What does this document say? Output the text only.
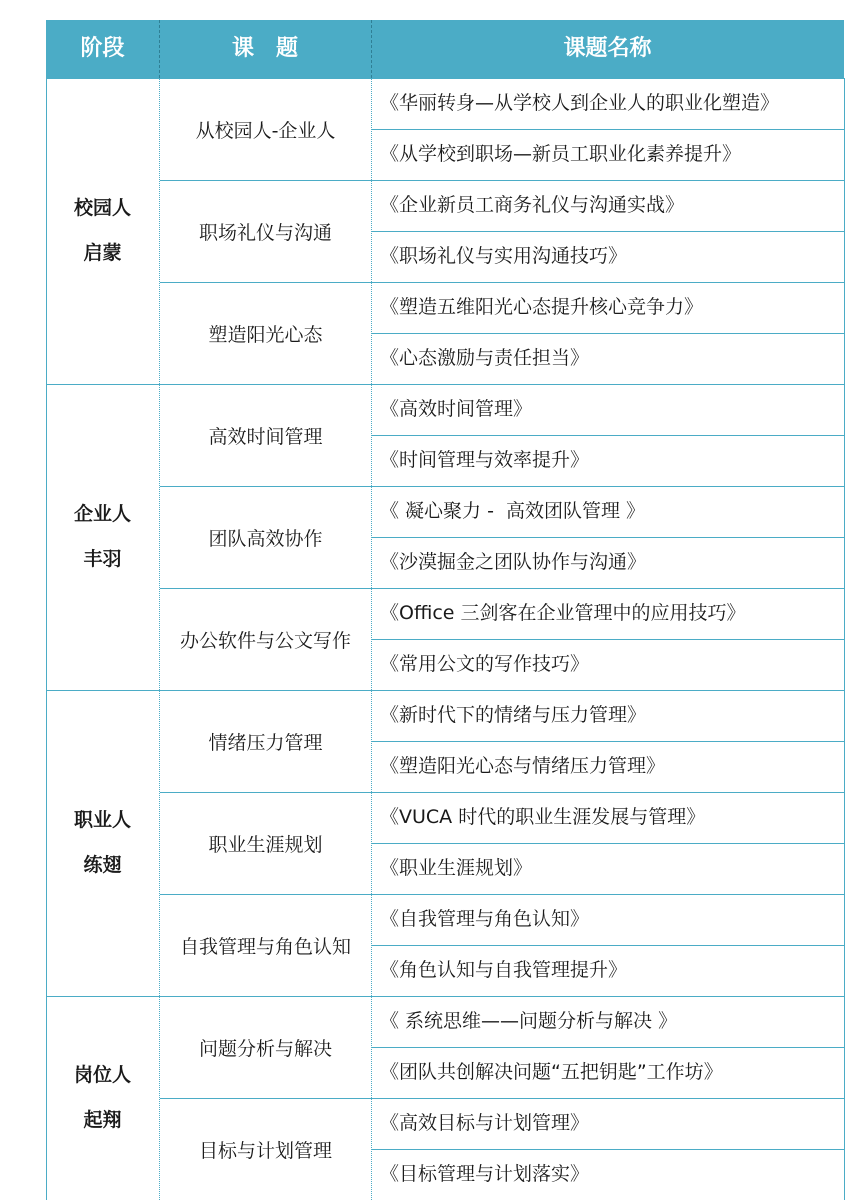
阶段	课　题	课题名称
从校园人-企业人
《华丽转身—从学校人到企业人的职业化塑造》
《从学校到职场—新员工职业化素养提升》
职场礼仪与沟通
《企业新员工商务礼仪与沟通实战》
《职场礼仪与实用沟通技巧》
塑造阳光心态
《塑造五维阳光心态提升核心竞争力》
《心态激励与责任担当》
校园人
启蒙
高效时间管理
《高效时间管理》
《时间管理与效率提升》
团队高效协作
《 凝心聚力 -  高效团队管理 》
《沙漠掘金之团队协作与沟通》
办公软件与公文写作
《Office 三剑客在企业管理中的应用技巧》
《常用公文的写作技巧》
企业人
丰羽
情绪压力管理
《新时代下的情绪与压力管理》
《塑造阳光心态与情绪压力管理》
职业生涯规划
《VUCA 时代的职业生涯发展与管理》
《职业生涯规划》
自我管理与角色认知
《自我管理与角色认知》
《角色认知与自我管理提升》
职业人
练翅
问题分析与解决
《 系统思维——问题分析与解决 》
《团队共创解决问题“五把钥匙”工作坊》
目标与计划管理
《高效目标与计划管理》
《目标管理与计划落实》
岗位人
起翔
